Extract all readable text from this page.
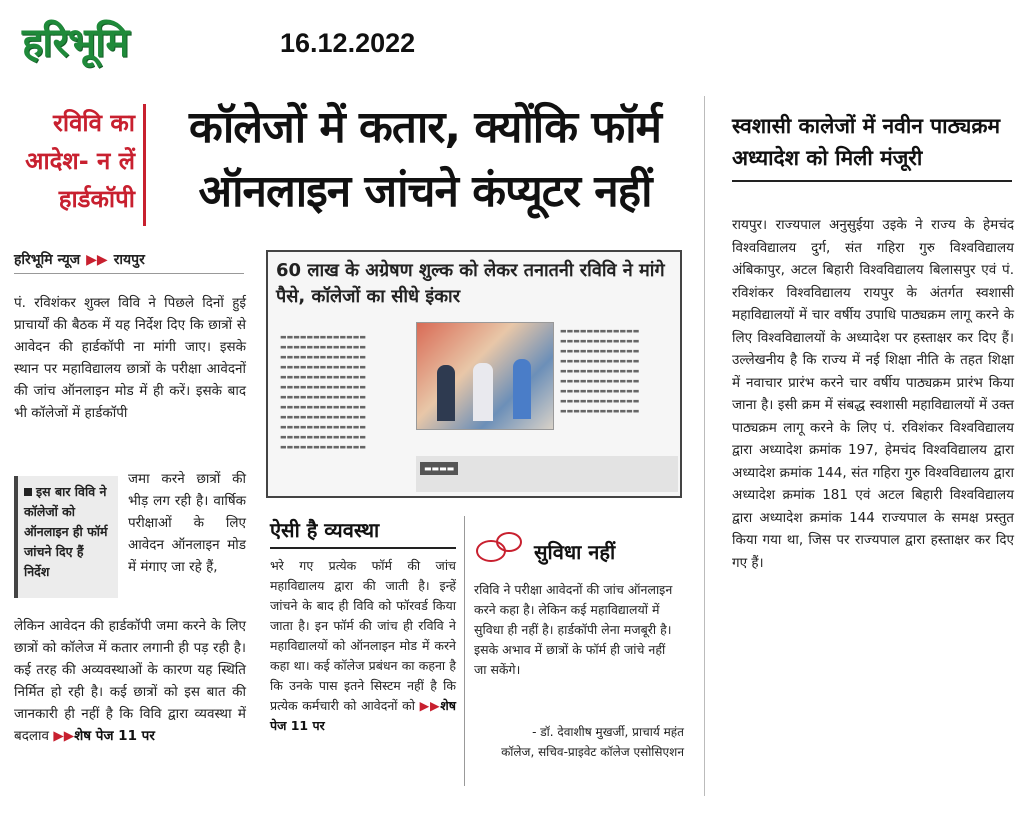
हरिभूमि	16.12.2022
रविवि का आदेश- न लें हार्डकॉपी
कॉलेजों में कतार, क्योंकि फॉर्म ऑनलाइन जांचने कंप्यूटर नहीं
हरिभूमि न्यूज ▶▶ रायपुर
पं. रविशंकर शुक्ल विवि ने पिछले दिनों हुई प्राचार्यों की बैठक में यह निर्देश दिए कि छात्रों से आवेदन की हार्डकॉपी ना मांगी जाए। इसके स्थान पर महाविद्यालय छात्रों के परीक्षा आवेदनों की जांच ऑनलाइन मोड में ही करें। इसके बाद भी कॉलेजों में हार्डकॉपी
इस बार विवि ने कॉलेजों को ऑनलाइन ही फॉर्म जांचने दिए हैं निर्देश
जमा करने छात्रों की भीड़ लग रही है। वार्षिक परीक्षाओं के लिए आवेदन ऑनलाइन मोड में मंगाए जा रहे हैं,
लेकिन आवेदन की हार्डकॉपी जमा करने के लिए छात्रों को कॉलेज में कतार लगानी ही पड़ रही है। कई तरह की अव्यवस्थाओं के कारण यह स्थिति निर्मित हो रही है। कई छात्रों को इस बात की जानकारी ही नहीं है कि विवि द्वारा व्यवस्था में बदलाव ▶▶शेष पेज 11 पर
60 लाख के अग्रेषण शुल्क को लेकर तनातनी रविवि ने मांगे पैसे, कॉलेजों का सीधे इंकार
▬▬▬▬▬▬▬▬▬▬▬▬▬ ▬▬▬▬▬▬▬▬▬▬▬▬▬ ▬▬▬▬▬▬▬▬▬▬▬▬▬ ▬▬▬▬▬▬▬▬▬▬▬▬▬ ▬▬▬▬▬▬▬▬▬▬▬▬▬ ▬▬▬▬▬▬▬▬▬▬▬▬▬ ▬▬▬▬▬▬▬▬▬▬▬▬▬ ▬▬▬▬▬▬▬▬▬▬▬▬▬ ▬▬▬▬▬▬▬▬▬▬▬▬▬ ▬▬▬▬▬▬▬▬▬▬▬▬▬ ▬▬▬▬▬▬▬▬▬▬▬▬▬ ▬▬▬▬▬▬▬▬▬▬▬▬▬
▬▬▬▬▬▬▬▬▬▬▬▬ ▬▬▬▬▬▬▬▬▬▬▬▬ ▬▬▬▬▬▬▬▬▬▬▬▬ ▬▬▬▬▬▬▬▬▬▬▬▬ ▬▬▬▬▬▬▬▬▬▬▬▬ ▬▬▬▬▬▬▬▬▬▬▬▬ ▬▬▬▬▬▬▬▬▬▬▬▬ ▬▬▬▬▬▬▬▬▬▬▬▬ ▬▬▬▬▬▬▬▬▬▬▬▬
▬▬▬▬
ऐसी है व्यवस्था
भरे गए प्रत्येक फॉर्म की जांच महाविद्यालय द्वारा की जाती है। इन्हें जांचने के बाद ही विवि को फॉरवर्ड किया जाता है। इन फॉर्म की जांच ही रविवि ने महाविद्यालयों को ऑनलाइन मोड में करने कहा था। कई कॉलेज प्रबंधन का कहना है कि उनके पास इतने सिस्टम नहीं है कि प्रत्येक कर्मचारी को आवेदनों को ▶▶शेष पेज 11 पर
सुविधा नहीं
रविवि ने परीक्षा आवेदनों की जांच ऑनलाइन करने कहा है। लेकिन कई महाविद्यालयों में सुविधा ही नहीं है। हार्डकॉपी लेना मजबूरी है। इसके अभाव में छात्रों के फॉर्म ही जांचे नहीं जा सकेंगे।
- डॉ. देवाशीष मुखर्जी, प्राचार्य महंत कॉलेज, सचिव-प्राइवेट कॉलेज एसोसिएशन
स्वशासी कालेजों में नवीन पाठ्यक्रम अध्यादेश को मिली मंजूरी
रायपुर। राज्यपाल अनुसुईया उइके ने राज्य के हेमचंद विश्वविद्यालय दुर्ग, संत गहिरा गुरु विश्वविद्यालय अंबिकापुर, अटल बिहारी विश्वविद्यालय बिलासपुर एवं पं. रविशंकर विश्वविद्यालय रायपुर के अंतर्गत स्वशासी महाविद्यालयों में चार वर्षीय उपाधि पाठ्यक्रम लागू करने के लिए विश्वविद्यालयों के अध्यादेश पर हस्ताक्षर कर दिए हैं। उल्लेखनीय है कि राज्य में नई शिक्षा नीति के तहत शिक्षा में नवाचार प्रारंभ करने चार वर्षीय पाठ्यक्रम प्रारंभ किया जाना है। इसी क्रम में संबद्ध स्वशासी महाविद्यालयों में उक्त पाठ्यक्रम लागू करने के लिए पं. रविशंकर विश्वविद्यालय द्वारा अध्यादेश क्रमांक 197, हेमचंद विश्वविद्यालय द्वारा अध्यादेश क्रमांक 144, संत गहिरा गुरु विश्वविद्यालय द्वारा अध्यादेश क्रमांक 181 एवं अटल बिहारी विश्वविद्यालय द्वारा अध्यादेश क्रमांक 144 राज्यपाल के समक्ष प्रस्तुत किया गया था, जिस पर राज्यपाल द्वारा हस्ताक्षर कर दिए गए हैं।
